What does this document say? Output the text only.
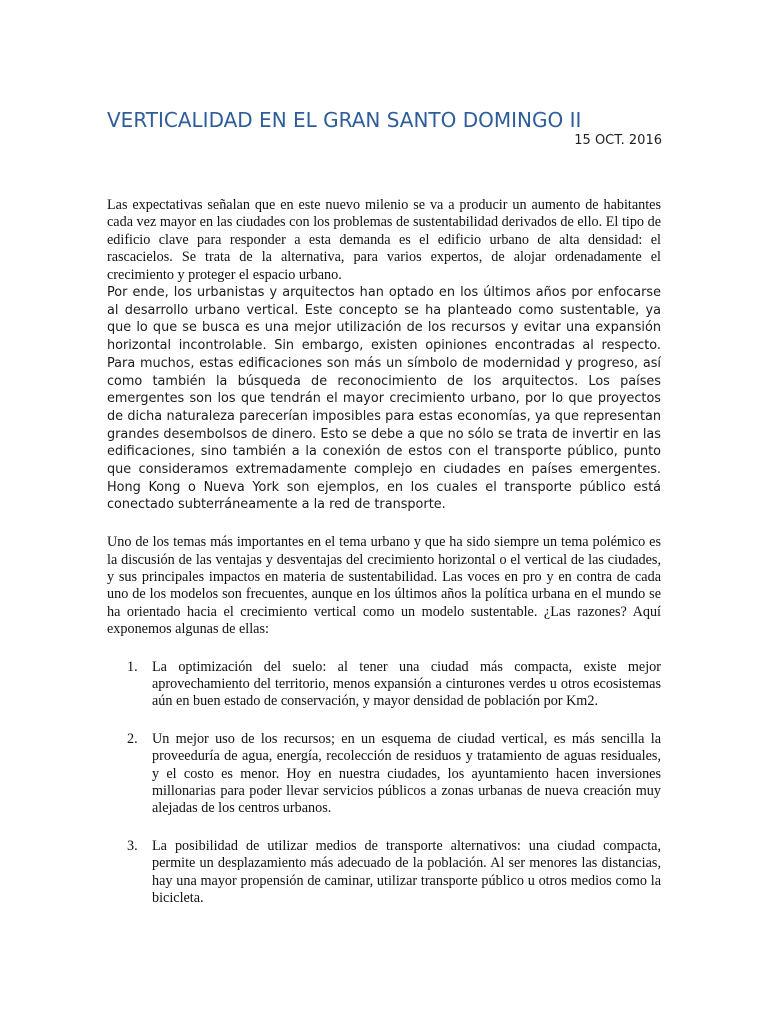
VERTICALIDAD EN EL GRAN SANTO DOMINGO II
15 OCT. 2016

Las expectativas señalan que en este nuevo milenio se va a producir un aumento de habitantes cada vez mayor en las ciudades con los problemas de sustentabilidad derivados de ello. El tipo de edificio clave para responder a esta demanda es el edificio urbano de alta densidad: el rascacielos. Se trata de la alternativa, para varios expertos, de alojar ordenadamente el crecimiento y proteger el espacio urbano.

Por ende, los urbanistas y arquitectos han optado en los últimos años por enfocarse al desarrollo urbano vertical. Este concepto se ha planteado como sustentable, ya que lo que se busca es una mejor utilización de los recursos y evitar una expansión horizontal incontrolable. Sin embargo, existen opiniones encontradas al respecto. Para muchos, estas edificaciones son más un símbolo de modernidad y progreso, así como también la búsqueda de reconocimiento de los arquitectos. Los países emergentes son los que tendrán el mayor crecimiento urbano, por lo que proyectos de dicha naturaleza parecerían imposibles para estas economías, ya que representan grandes desembolsos de dinero. Esto se debe a que no sólo se trata de invertir en las edificaciones, sino también a la conexión de estos con el transporte público, punto que consideramos extremadamente complejo en ciudades en países emergentes. Hong Kong o Nueva York son ejemplos, en los cuales el transporte público está conectado subterráneamente a la red de transporte.

Uno de los temas más importantes en el tema urbano y que ha sido siempre un tema polémico es la discusión de las ventajas y desventajas del crecimiento horizontal o el vertical de las ciudades, y sus principales impactos en materia de sustentabilidad. Las voces en pro y en contra de cada uno de los modelos son frecuentes, aunque en los últimos años la política urbana en el mundo se ha orientado hacia el crecimiento vertical como un modelo sustentable. ¿Las razones? Aquí exponemos algunas de ellas:

1. La optimización del suelo: al tener una ciudad más compacta, existe mejor aprovechamiento del territorio, menos expansión a cinturones verdes u otros ecosistemas aún en buen estado de conservación, y mayor densidad de población por Km2.

2. Un mejor uso de los recursos; en un esquema de ciudad vertical, es más sencilla la proveeduría de agua, energía, recolección de residuos y tratamiento de aguas residuales, y el costo es menor. Hoy en nuestra ciudades, los ayuntamiento hacen inversiones millonarias para poder llevar servicios públicos a zonas urbanas de nueva creación muy alejadas de los centros urbanos.

3. La posibilidad de utilizar medios de transporte alternativos: una ciudad compacta, permite un desplazamiento más adecuado de la población. Al ser menores las distancias, hay una mayor propensión de caminar, utilizar transporte público u otros medios como la bicicleta.
